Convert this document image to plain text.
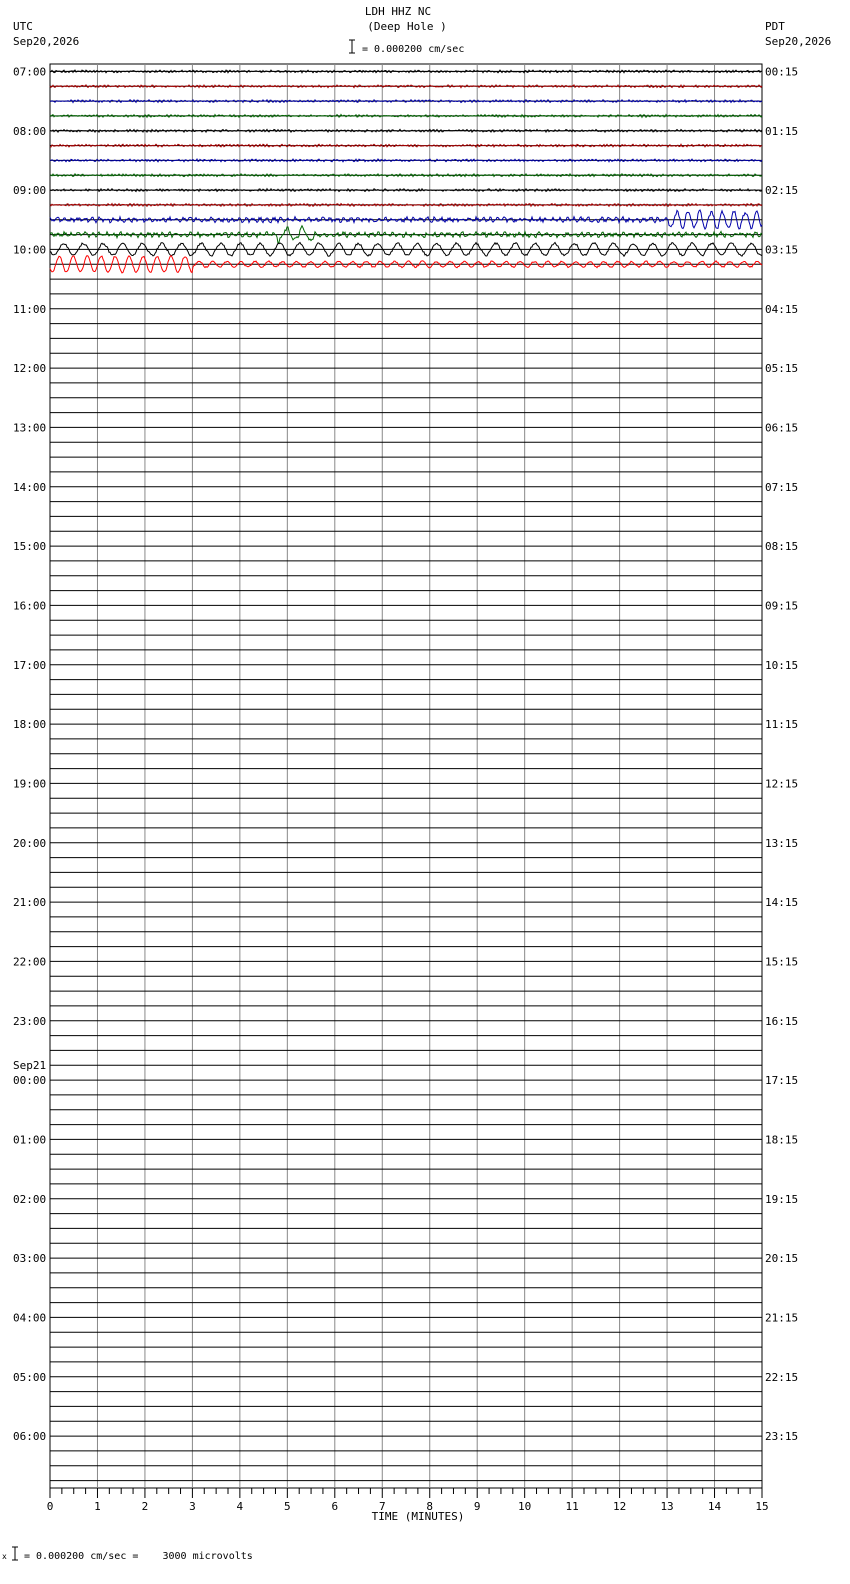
LDH HHZ NC
(Deep Hole )
UTC
Sep20,2026
PDT
Sep20,2026
= 0.000200 cm/sec
07:00	00:15
08:00	01:15
09:00	02:15
10:00	03:15
11:00	04:15
12:00	05:15
13:00	06:15
14:00	07:15
15:00	08:15
16:00	09:15
17:00	10:15
18:00	11:15
19:00	12:15
20:00	13:15
21:00	14:15
22:00	15:15
23:00	16:15
00:00	17:15
Sep21
01:00	18:15
02:00	19:15
03:00	20:15
04:00	21:15
05:00	22:15
06:00	23:15
0	1	2	3	4	5	6	7	8	9	10	11	12	13	14	15
TIME (MINUTES)
x = 0.000200 cm/sec =    3000 microvolts
